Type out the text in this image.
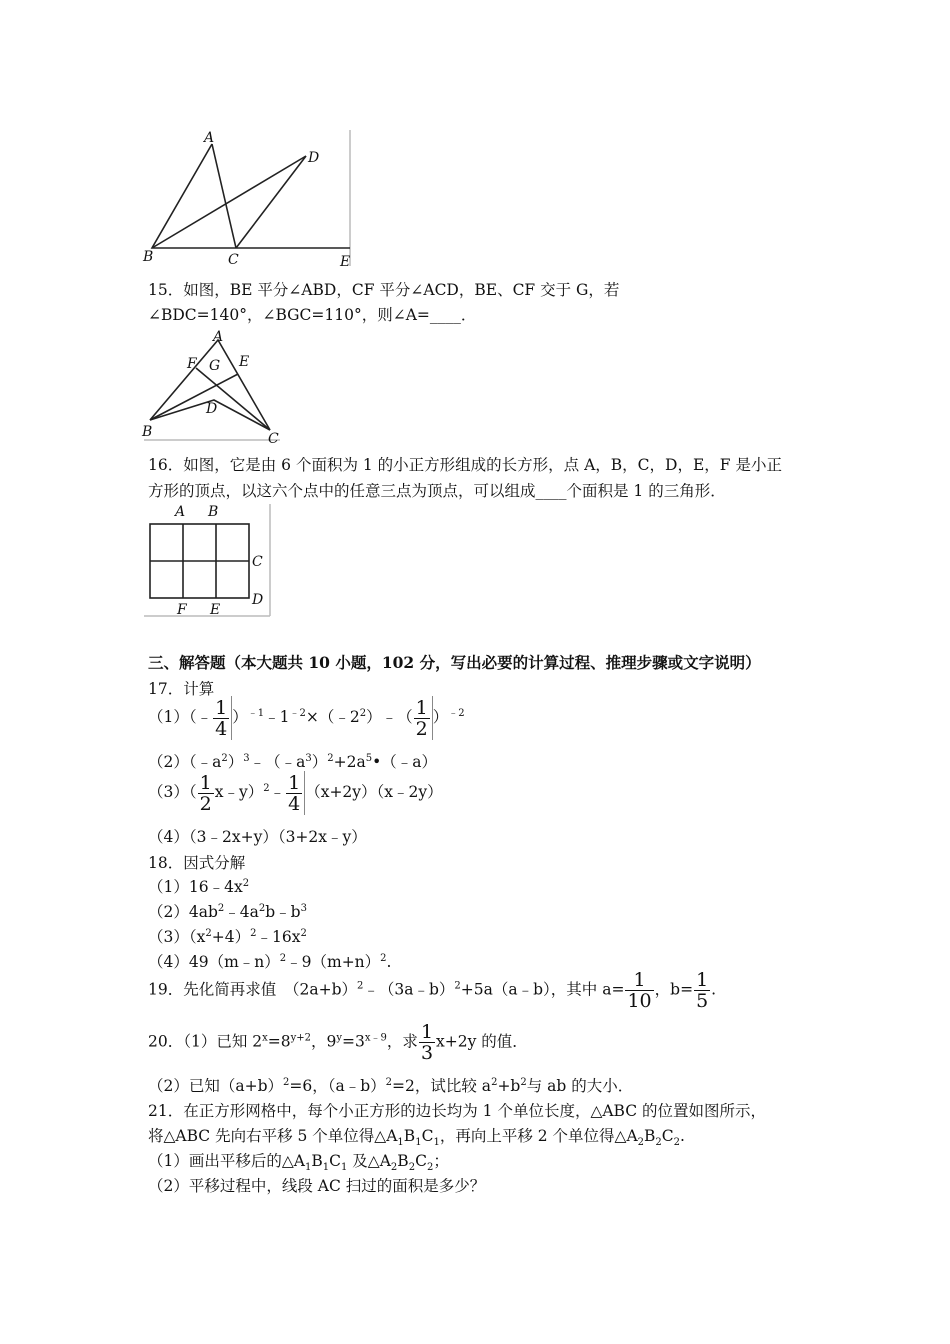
A
B	C
D
E
15．如图，BE 平分∠ABD，CF 平分∠ACD，BE、CF 交于 G，若
∠BDC=140°，∠BGC=110°，则∠A=____．
A
F G E
D
B	C
16．如图，它是由 6 个面积为 1 的小正方形组成的长方形，点 A，B，C，D，E，F 是小正
方形的顶点，以这六个点中的任意三点为顶点，可以组成____个面积是 1 的三角形．
A B
C
D
F E
三、解答题（本大题共 10 小题，102 分，写出必要的计算过程、推理步骤或文字说明）
17．计算
（1）（﹣ $\frac{1}{4}$ ）$^{﹣1}﹣1^{﹣2}\times(﹣2^2)﹣( \frac{1}{2} )^{﹣2}$
$(2)(﹣a^2)^3﹣(﹣a^3)^2+2a^5•(﹣a)$
$(3)( \frac{1}{2}$ x﹣y）$^2$﹣ $\frac{1}{4}$ （x+2y）（x﹣2y）
（4）（3﹣2x+y）（3+2x﹣y）
18．因式分解
$(1)16﹣4x^2$
$(2)4ab^2﹣4a^2b﹣b^3$
$(3)(x^2+4)^2﹣16x^2$
$(4)49(m﹣n)^2﹣9(m+n)^2$.
19．先化简再求值　$(2a+b)^2﹣(3a﹣b)^2+5a(a﹣b)$，其中 $a= \frac{1}{10}$ ，$b= \frac{1}{5}$ .
20．（1）已知 $2^x=8^{y+2}$，$9^y=3^{x﹣9}$，求 $\frac{1}{3} x+2y$ 的值．
（2）已知$(a+b)^2=6$，（a﹣b）$^2$=2，试比较 $a^2+b^2$与 ab 的大小．
21．在正方形网格中，每个小正方形的边长均为 1 个单位长度，△ABC 的位置如图所示，
将△ABC 先向右平移 5 个单位得$\triangle A_1B_1C_1$，再向上平移 2 个单位得$\triangle A_2B_2C_2$.
（1）画出平移后的$\triangle A_1B_1C_1$ 及$\triangle A_2B_2C_2$；
（2）平移过程中，线段 AC 扫过的面积是多少？
